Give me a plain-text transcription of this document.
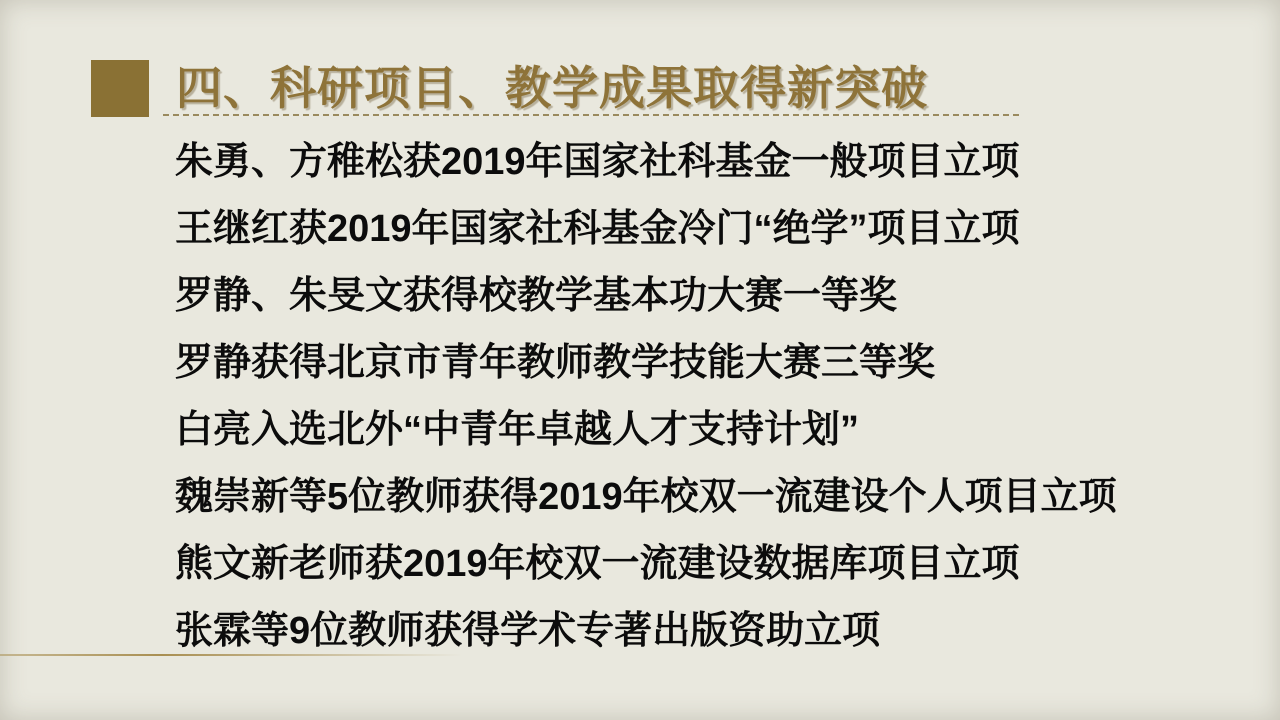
四、科研项目、教学成果取得新突破
朱勇、方稚松获2019年国家社科基金一般项目立项
王继红获2019年国家社科基金冷门“绝学”项目立项
罗静、朱旻文获得校教学基本功大赛一等奖
罗静获得北京市青年教师教学技能大赛三等奖
白亮入选北外“中青年卓越人才支持计划”
魏崇新等5位教师获得2019年校双一流建设个人项目立项
熊文新老师获2019年校双一流建设数据库项目立项
张霖等9位教师获得学术专著出版资助立项
